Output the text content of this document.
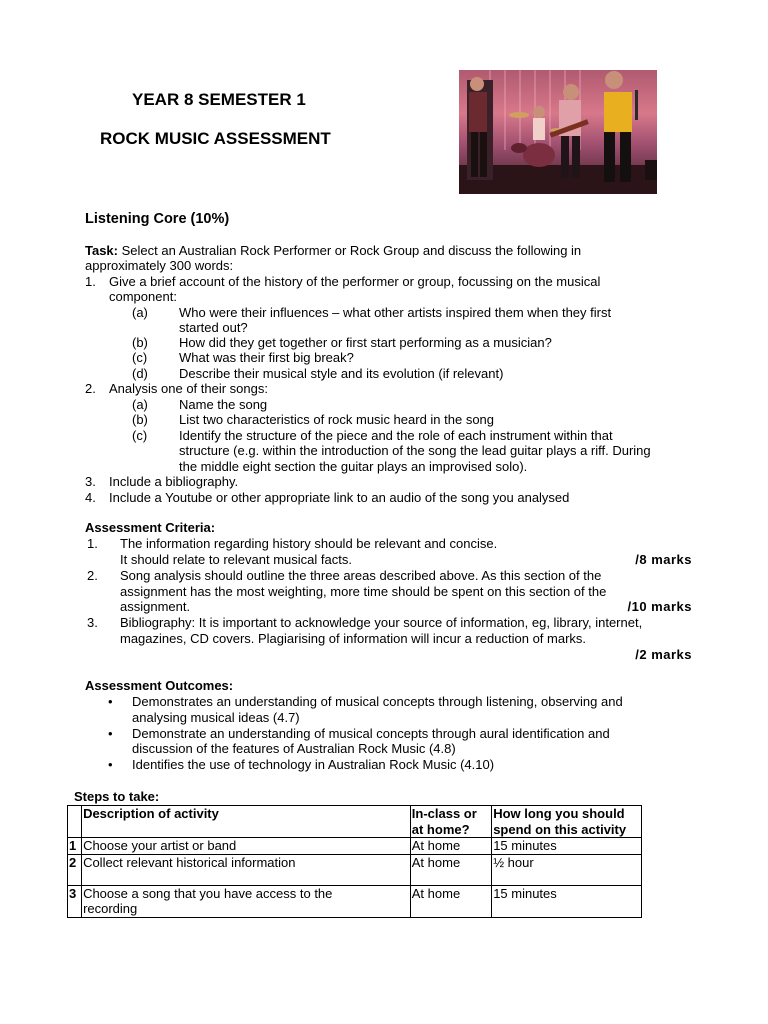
YEAR 8 SEMESTER 1
ROCK MUSIC ASSESSMENT
Listening Core (10%)
Task: Select an Australian Rock Performer or Rock Group and discuss the following in
approximately 300 words:
1. Give a brief account of the history of the performer or group, focussing on the musical
component:
(a) Who were their influences – what other artists inspired them when they first
started out?
(b) How did they get together or first start performing as a musician?
(c) What was their first big break?
(d) Describe their musical style and its evolution (if relevant)
2. Analysis one of their songs:
(a) Name the song
(b) List two characteristics of rock music heard in the song
(c) Identify the structure of the piece and the role of each instrument within that
structure (e.g. within the introduction of the song the lead guitar plays a riff. During
the middle eight section the guitar plays an improvised solo).
3. Include a bibliography.
4. Include a Youtube or other appropriate link to an audio of the song you analysed
Assessment Criteria:
1. The information regarding history should be relevant and concise.
It should relate to relevant musical facts.	/8 marks
2. Song analysis should outline the three areas described above. As this section of the
assignment has the most weighting, more time should be spent on this section of the
assignment.	/10 marks
3. Bibliography: It is important to acknowledge your source of information, eg, library, internet,
magazines, CD covers. Plagiarising of information will incur a reduction of marks.
/2 marks
Assessment Outcomes:
• Demonstrates an understanding of musical concepts through listening, observing and
analysing musical ideas (4.7)
• Demonstrate an understanding of musical concepts through aural identification and
discussion of the features of Australian Rock Music (4.8)
• Identifies the use of technology in Australian Rock Music (4.10)
Steps to take:
	Description of activity	In-class or
at home?	How long you should
spend on this activity
1	Choose your artist or band	At home	15 minutes
2	Collect relevant historical information	At home	½ hour
3	Choose a song that you have access to the
recording	At home	15 minutes
